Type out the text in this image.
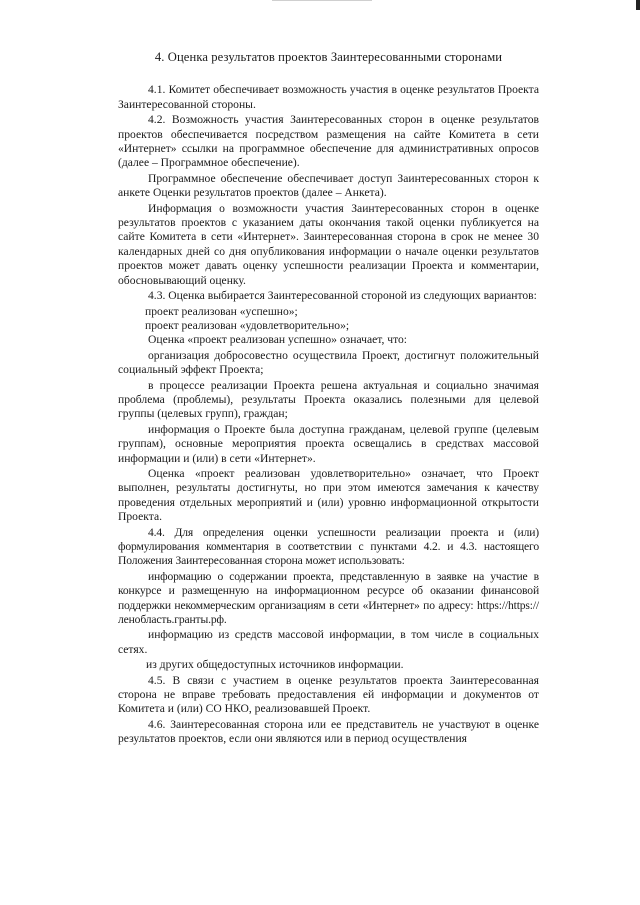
4. Оценка результатов проектов Заинтересованными сторонами

4.1. Комитет обеспечивает возможность участия в оценке результатов Проекта Заинтересованной стороны.

4.2. Возможность участия Заинтересованных сторон в оценке результатов проектов обеспечивается посредством размещения на сайте Комитета в сети «Интернет» ссылки на программное обеспечение для административных опросов (далее – Программное обеспечение).

Программное обеспечение обеспечивает доступ Заинтересованных сторон к анкете Оценки результатов проектов (далее – Анкета).

Информация о возможности участия Заинтересованных сторон в оценке результатов проектов с указанием даты окончания такой оценки публикуется на сайте Комитета в сети «Интернет». Заинтересованная сторона в срок не менее 30 календарных дней со дня опубликования информации о начале оценки результатов проектов может давать оценку успешности реализации Проекта и комментарии, обосновывающий оценку.

4.3. Оценка выбирается Заинтересованной стороной из следующих вариантов:

проект реализован «успешно»;

проект реализован «удовлетворительно»;

Оценка «проект реализован успешно» означает, что:

организация добросовестно осуществила Проект, достигнут положительный социальный эффект Проекта;

в процессе реализации Проекта решена актуальная и социально значимая проблема (проблемы), результаты Проекта оказались полезными для целевой группы (целевых групп), граждан;

информация о Проекте была доступна гражданам, целевой группе (целевым группам), основные мероприятия проекта освещались в средствах массовой информации и (или) в сети «Интернет».

Оценка «проект реализован удовлетворительно» означает, что Проект выполнен, результаты достигнуты, но при этом имеются замечания к качеству проведения отдельных мероприятий и (или) уровню информационной открытости Проекта.

4.4. Для определения оценки успешности реализации проекта и (или) формулирования комментария в соответствии с пунктами 4.2. и 4.3. настоящего Положения Заинтересованная сторона может использовать:

информацию о содержании проекта, представленную в заявке на участие в конкурсе и размещенную на информационном ресурсе об оказании финансовой поддержки некоммерческим организациям в сети «Интернет» по адресу: https://https://ленобласть.гранты.рф.

информацию из средств массовой информации, в том числе в социальных сетях.

из других общедоступных источников информации.

4.5. В связи с участием в оценке результатов проекта Заинтересованная сторона не вправе требовать предоставления ей информации и документов от Комитета и (или) СО НКО, реализовавшей Проект.

4.6. Заинтересованная сторона или ее представитель не участвуют в оценке результатов проектов, если они являются или в период осуществления
